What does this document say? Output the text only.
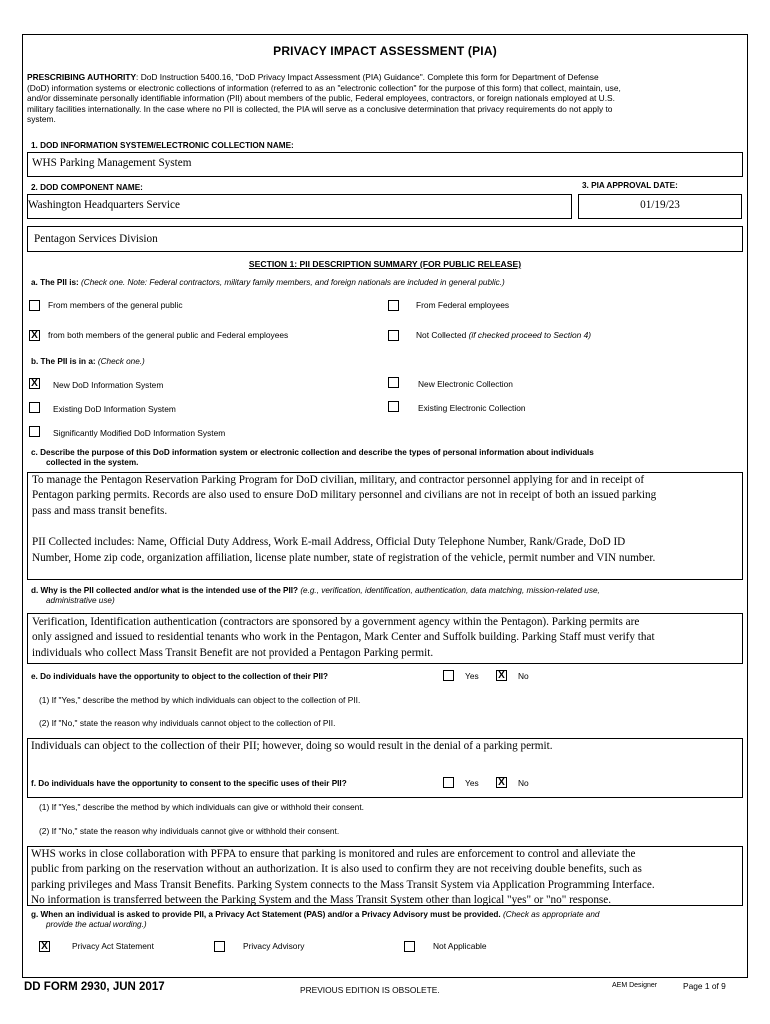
PRIVACY IMPACT ASSESSMENT (PIA)
PRESCRIBING AUTHORITY: DoD Instruction 5400.16, "DoD Privacy Impact Assessment (PIA) Guidance". Complete this form for Department of Defense
(DoD) information systems or electronic collections of information (referred to as an "electronic collection" for the purpose of this form) that collect, maintain, use,
and/or disseminate personally identifiable information (PII) about members of the public, Federal employees, contractors, or foreign nationals employed at U.S.
military facilities internationally. In the case where no PII is collected, the PIA will serve as a conclusive determination that privacy requirements do not apply to
system.
1. DOD INFORMATION SYSTEM/ELECTRONIC COLLECTION NAME:
WHS Parking Management System
2. DOD COMPONENT NAME:	3. PIA APPROVAL DATE:
Washington Headquarters Service	01/19/23
Pentagon Services Division
SECTION 1: PII DESCRIPTION SUMMARY (FOR PUBLIC RELEASE)
a. The PII is: (Check one. Note: Federal contractors, military family members, and foreign nationals are included in general public.)
From members of the general public	From Federal employees
X from both members of the general public and Federal employees	Not Collected (if checked proceed to Section 4)
b. The PII is in a: (Check one.)
X New DoD Information System	New Electronic Collection
Existing DoD Information System	Existing Electronic Collection
Significantly Modified DoD Information System
c. Describe the purpose of this DoD information system or electronic collection and describe the types of personal information about individuals
collected in the system.
To manage the Pentagon Reservation Parking Program for DoD civilian, military, and contractor personnel applying for and in receipt of
Pentagon parking permits. Records are also used to ensure DoD military personnel and civilians are not in receipt of both an issued parking
pass and mass transit benefits.
PII Collected includes: Name, Official Duty Address, Work E-mail Address, Official Duty Telephone Number, Rank/Grade, DoD ID
Number, Home zip code, organization affiliation, license plate number, state of registration of the vehicle, permit number and VIN number.
d. Why is the PII collected and/or what is the intended use of the PII? (e.g., verification, identification, authentication, data matching, mission-related use,
administrative use)
Verification, Identification authentication (contractors are sponsored by a government agency within the Pentagon). Parking permits are
only assigned and issued to residential tenants who work in the Pentagon, Mark Center and Suffolk building. Parking Staff must verify that
individuals who collect Mass Transit Benefit are not provided a Pentagon Parking permit.
e. Do individuals have the opportunity to object to the collection of their PII?	Yes X No
(1) If "Yes," describe the method by which individuals can object to the collection of PII.
(2) If "No," state the reason why individuals cannot object to the collection of PII.
Individuals can object to the collection of their PII; however, doing so would result in the denial of a parking permit.
f. Do individuals have the opportunity to consent to the specific uses of their PII?	Yes X No
(1) If "Yes," describe the method by which individuals can give or withhold their consent.
(2) If "No," state the reason why individuals cannot give or withhold their consent.
WHS works in close collaboration with PFPA to ensure that parking is monitored and rules are enforcement to control and alleviate the
public from parking on the reservation without an authorization. It is also used to confirm they are not receiving double benefits, such as
parking privileges and Mass Transit Benefits. Parking System connects to the Mass Transit System via Application Programming Interface.
No information is transferred between the Parking System and the Mass Transit System other than logical "yes" or "no" response.
g. When an individual is asked to provide PII, a Privacy Act Statement (PAS) and/or a Privacy Advisory must be provided. (Check as appropriate and
provide the actual wording.)
X	Privacy Act Statement	Privacy Advisory	Not Applicable
DD FORM 2930, JUN 2017	PREVIOUS EDITION IS OBSOLETE.	AEM Designer	Page 1 of 9
